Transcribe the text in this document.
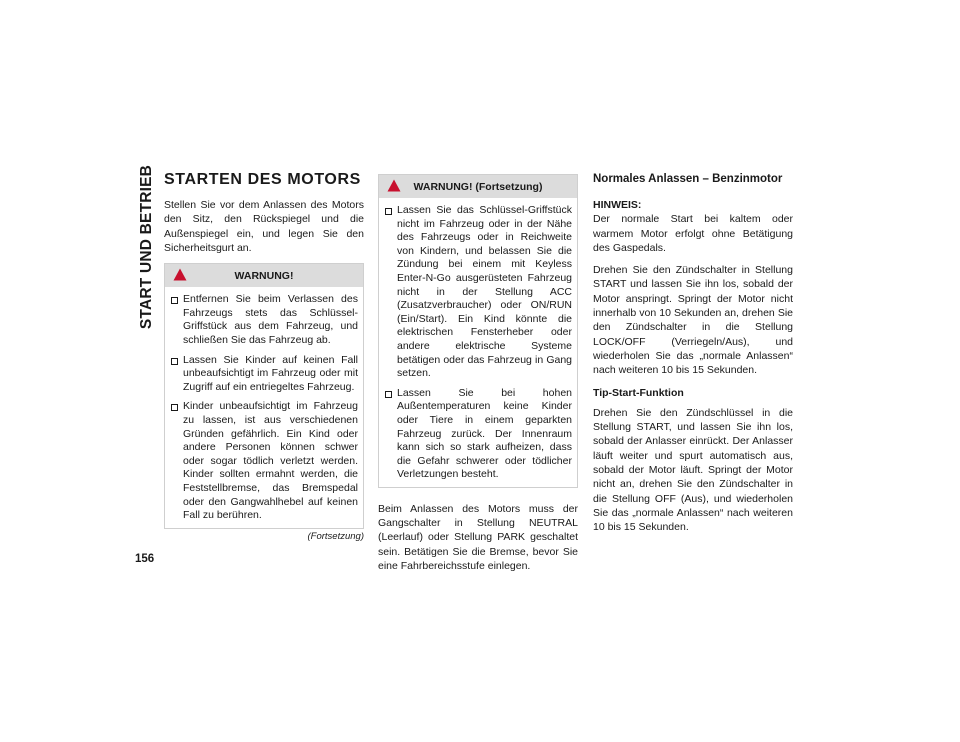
START UND BETRIEB
156
STARTEN DES MOTORS

Stellen Sie vor dem Anlassen des Motors den Sitz, den Rückspiegel und die Außenspiegel ein, und legen Sie den Sicherheitsgurt an.

WARNUNG!
Entfernen Sie beim Verlassen des Fahrzeugs stets das Schlüssel-Griffstück aus dem Fahrzeug, und schließen Sie das Fahrzeug ab.
Lassen Sie Kinder auf keinen Fall unbeaufsichtigt im Fahrzeug oder mit Zugriff auf ein entriegeltes Fahrzeug.
Kinder unbeaufsichtigt im Fahrzeug zu lassen, ist aus verschiedenen Gründen gefährlich. Ein Kind oder andere Personen können schwer oder sogar tödlich verletzt werden. Kinder sollten ermahnt werden, die Feststellbremse, das Bremspedal oder den Gangwahlhebel auf keinen Fall zu berühren.
(Fortsetzung)
WARNUNG! (Fortsetzung)
Lassen Sie das Schlüssel-Griffstück nicht im Fahrzeug oder in der Nähe des Fahrzeugs oder in Reichweite von Kindern, und belassen Sie die Zündung bei einem mit Keyless Enter-N-Go ausgerüsteten Fahrzeug nicht in der Stellung ACC (Zusatzverbraucher) oder ON/RUN (Ein/Start). Ein Kind könnte die elektrischen Fensterheber oder andere elektrische Systeme betätigen oder das Fahrzeug in Gang setzen.
Lassen Sie bei hohen Außentemperaturen keine Kinder oder Tiere in einem geparkten Fahrzeug zurück. Der Innenraum kann sich so stark aufheizen, dass die Gefahr schwerer oder tödlicher Verletzungen besteht.

Beim Anlassen des Motors muss der Gangschalter in Stellung NEUTRAL (Leerlauf) oder Stellung PARK geschaltet sein. Betätigen Sie die Bremse, bevor Sie eine Fahrbereichsstufe einlegen.

Normales Anlassen – Benzinmotor
HINWEIS:

Der normale Start bei kaltem oder warmem Motor erfolgt ohne Betätigung des Gaspedals.

Drehen Sie den Zündschalter in Stellung START und lassen Sie ihn los, sobald der Motor anspringt. Springt der Motor nicht innerhalb von 10 Sekunden an, drehen Sie den Zündschalter in die Stellung LOCK/OFF (Verriegeln/Aus), und wiederholen Sie das „normale Anlassen“ nach weiteren 10 bis 15 Sekunden.

Tip-Start-Funktion

Drehen Sie den Zündschlüssel in die Stellung START, und lassen Sie ihn los, sobald der Anlasser einrückt. Der Anlasser läuft weiter und spurt automatisch aus, sobald der Motor läuft. Springt der Motor nicht an, drehen Sie den Zündschalter in die Stellung OFF (Aus), und wiederholen Sie das „normale Anlassen“ nach weiteren 10 bis 15 Sekunden.
